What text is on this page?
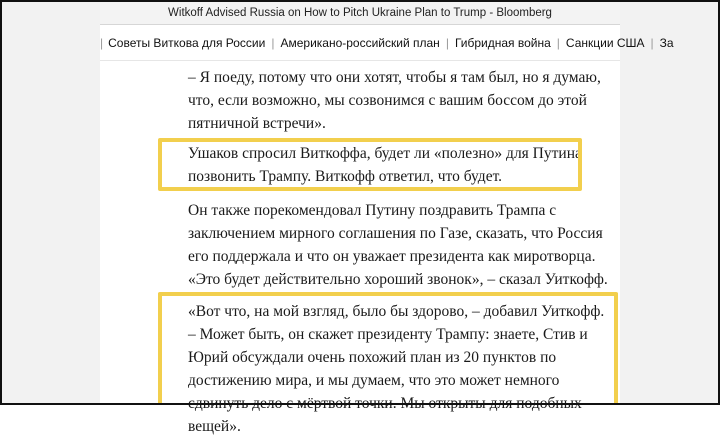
Witkoff Advised Russia on How to Pitch Ukraine Plan to Trump - Bloomberg
| Советы Виткова для России | Американо-российский план | Гибридная война | Санкции США | За

– Я поеду, потому что они хотят, чтобы я там был, но я думаю, что, если возможно, мы созвонимся с вашим боссом до этой пятничной встречи».

Ушаков спросил Виткоффа, будет ли «полезно» для Путина позвонить Трампу. Виткофф ответил, что будет.

Он также порекомендовал Путину поздравить Трампа с заключением мирного соглашения по Газе, сказать, что Россия его поддержала и что он уважает президента как миротворца. «Это будет действительно хороший звонок», – сказал Уиткофф.

«Вот что, на мой взгляд, было бы здорово, – добавил Уиткофф. – Может быть, он скажет президенту Трампу: знаете, Стив и Юрий обсуждали очень похожий план из 20 пунктов по достижению мира, и мы думаем, что это может немного сдвинуть дело с мёртвой точки. Мы открыты для подобных вещей».
